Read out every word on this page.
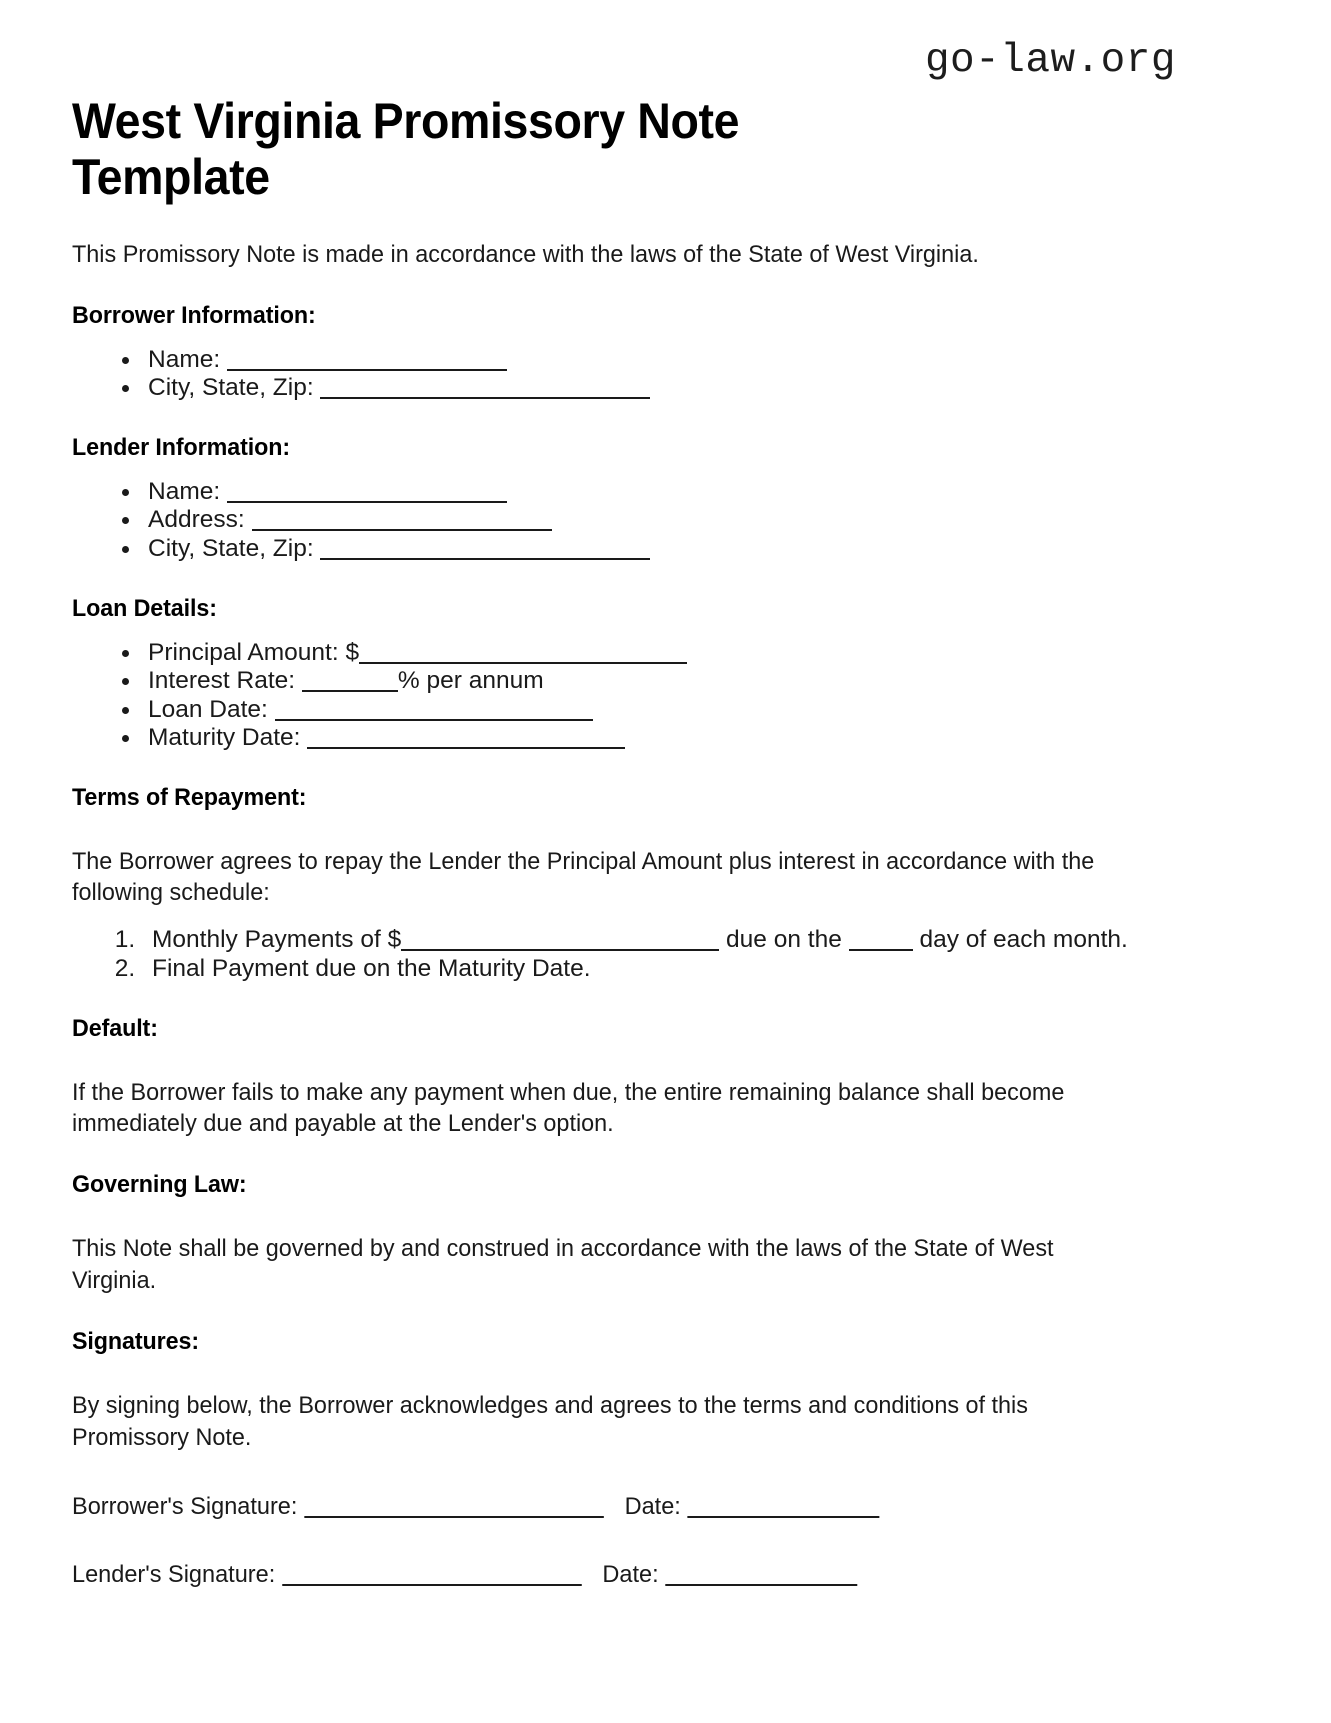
go-law.org
West Virginia Promissory Note Template

This Promissory Note is made in accordance with the laws of the State of West Virginia.

Borrower Information:
• Name:
• City, State, Zip:
Lender Information:
• Name:
• Address:
• City, State, Zip:
Loan Details:
• Principal Amount: $
• Interest Rate:	% per annum
• Loan Date:
• Maturity Date:
Terms of Repayment:

The Borrower agrees to repay the Lender the Principal Amount plus interest in accordance with the following schedule:

1. Monthly Payments of $	due on the	day of each month.
2. Final Payment due on the Maturity Date.
Default:

If the Borrower fails to make any payment when due, the entire remaining balance shall become immediately due and payable at the Lender's option.

Governing Law:

This Note shall be governed by and construed in accordance with the laws of the State of West Virginia.

Signatures:

By signing below, the Borrower acknowledges and agrees to the terms and conditions of this Promissory Note.

Borrower's Signature:	Date:
Lender's Signature:	Date:
